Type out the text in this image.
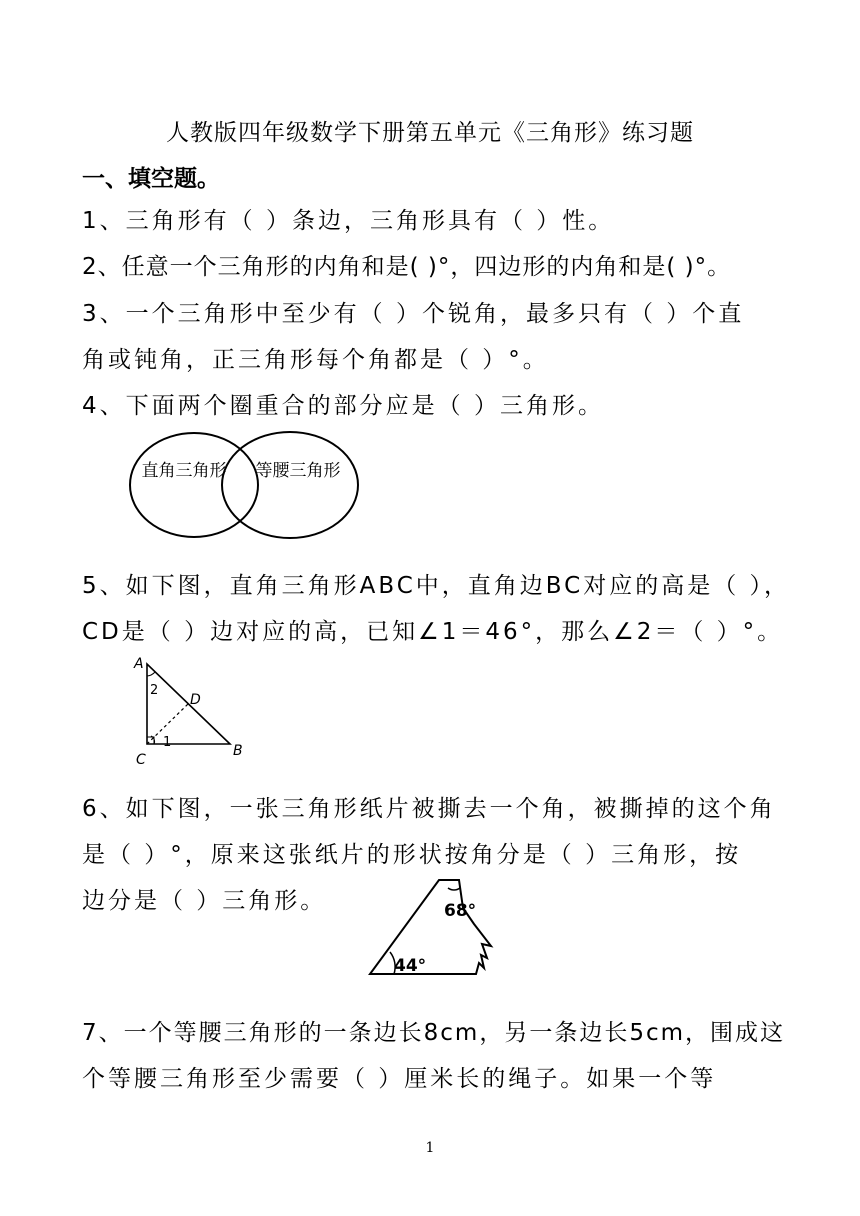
人教版四年级数学下册第五单元《三角形》练习题
一、填空题。
1、三角形有（ ）条边，三角形具有（ ）性。
2、任意一个三角形的内角和是( )°，四边形的内角和是( )°。
3、一个三角形中至少有（ ）个锐角，最多只有（ ）个直
角或钝角，正三角形每个角都是（ ）°。
4、下面两个圈重合的部分应是（ ）三角形。
直角三角形 等腰三角形
5、如下图，直角三角形ABC中，直角边BC对应的高是（ ），
CD是（ ）边对应的高，已知∠1＝46°，那么∠2＝（ ）°。
A
B
C
D
1
2
6、如下图，一张三角形纸片被撕去一个角，被撕掉的这个角
是（ ）°，原来这张纸片的形状按角分是（ ）三角形，按
边分是（ ）三角形。	68°
44°
7、一个等腰三角形的一条边长8cm，另一条边长5cm，围成这
个等腰三角形至少需要（ ）厘米长的绳子。如果一个等
1
